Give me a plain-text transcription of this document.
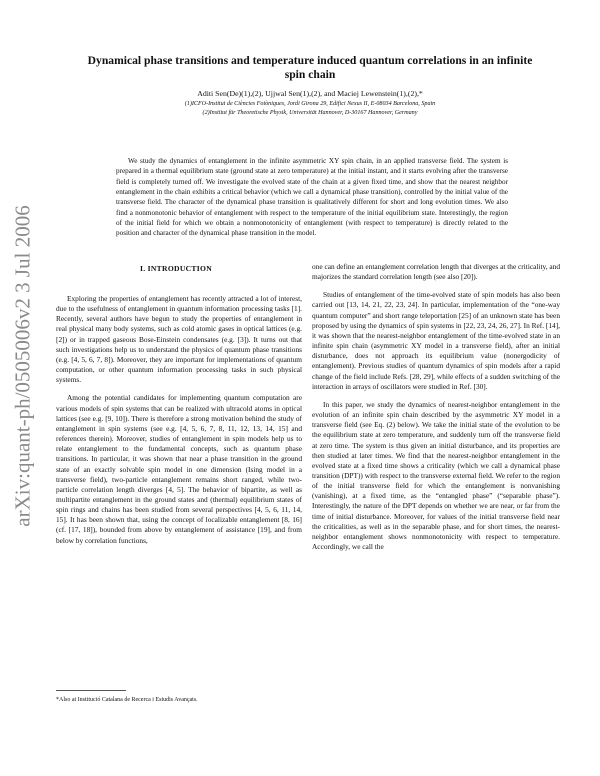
arXiv:quant-ph/0505006v2 3 Jul 2006
Dynamical phase transitions and temperature induced quantum correlations in an infinite spin chain
Aditi Sen(De)(1),(2), Ujjwal Sen(1),(2), and Maciej Lewenstein(1),(2),*
(1)ICFO-Institut de Ciències Fotòniques, Jordi Girona 29, Edifici Nexus II, E-08034 Barcelona, Spain
(2)Institut für Theoretische Physik, Universität Hannover, D-30167 Hannover, Germany

We study the dynamics of entanglement in the infinite asymmetric XY spin chain, in an applied transverse field. The system is prepared in a thermal equilibrium state (ground state at zero temperature) at the initial instant, and it starts evolving after the transverse field is completely turned off. We investigate the evolved state of the chain at a given fixed time, and show that the nearest neighbor entanglement in the chain exhibits a critical behavior (which we call a dynamical phase transition), controlled by the initial value of the transverse field. The character of the dynamical phase transition is qualitatively different for short and long evolution times. We also find a nonmonotonic behavior of entanglement with respect to the temperature of the initial equilibrium state. Interestingly, the region of the initial field for which we obtain a nonmonotonicity of entanglement (with respect to temperature) is directly related to the position and character of the dynamical phase transition in the model.

I. INTRODUCTION

Exploring the properties of entanglement has recently attracted a lot of interest, due to the usefulness of entanglement in quantum information processing tasks [1]. Recently, several authors have begun to study the properties of entanglement in real physical many body systems, such as cold atomic gases in optical lattices (e.g. [2]) or in trapped gaseous Bose-Einstein condensates (e.g. [3]). It turns out that such investigations help us to understand the physics of quantum phase transitions (e.g. [4, 5, 6, 7, 8]). Moreover, they are important for implementations of quantum computation, or other quantum information processing tasks in such physical systems.

Among the potential candidates for implementing quantum computation are various models of spin systems that can be realized with ultracold atoms in optical lattices (see e.g. [9, 10]). There is therefore a strong motivation behind the study of entanglement in spin systems (see e.g. [4, 5, 6, 7, 8, 11, 12, 13, 14, 15] and references therein). Moreover, studies of entanglement in spin models help us to relate entanglement to the fundamental concepts, such as quantum phase transitions. In particular, it was shown that near a phase transition in the ground state of an exactly solvable spin model in one dimension (Ising model in a transverse field), two-particle entanglement remains short ranged, while two-particle correlation length diverges [4, 5]. The behavior of bipartite, as well as multipartite entanglement in the ground states and (thermal) equilibrium states of spin rings and chains has been studied from several perspectives [4, 5, 6, 11, 14, 15]. It has been shown that, using the concept of localizable entanglement [8, 16] (cf. [17, 18]), bounded from above by entanglement of assistance [19], and from below by correlation functions,

one can define an entanglement correlation length that diverges at the criticality, and majorizes the standard correlation length (see also [20]).

Studies of entanglement of the time-evolved state of spin models has also been carried out [13, 14, 21, 22, 23, 24]. In particular, implementation of the “one-way quantum computer” and short range teleportation [25] of an unknown state has been proposed by using the dynamics of spin systems in [22, 23, 24, 26, 27]. In Ref. [14], it was shown that the nearest-neighbor entanglement of the time-evolved state in an infinite spin chain (asymmetric XY model in a transverse field), after an initial disturbance, does not approach its equilibrium value (nonergodicity of entanglement). Previous studies of quantum dynamics of spin models after a rapid change of the field include Refs. [28, 29], while effects of a sudden switching of the interaction in arrays of oscillators were studied in Ref. [30].

In this paper, we study the dynamics of nearest-neighbor entanglement in the evolution of an infinite spin chain described by the asymmetric XY model in a transverse field (see Eq. (2) below). We take the initial state of the evolution to be the equilibrium state at zero temperature, and suddenly turn off the transverse field at zero time. The system is thus given an initial disturbance, and its properties are then studied at later times. We find that the nearest-neighbor entanglement in the evolved state at a fixed time shows a criticality (which we call a dynamical phase transition (DPT)) with respect to the transverse external field. We refer to the region of the initial transverse field for which the entanglement is nonvanishing (vanishing), at a fixed time, as the “entangled phase” (“separable phase”). Interestingly, the nature of the DPT depends on whether we are near, or far from the time of initial disturbance. Moreover, for values of the initial transverse field near the criticalities, as well as in the separable phase, and for short times, the nearest-neighbor entanglement shows nonmonotonicity with respect to temperature. Accordingly, we call the

*Also at Institució Catalana de Recerca i Estudis Avançats.
